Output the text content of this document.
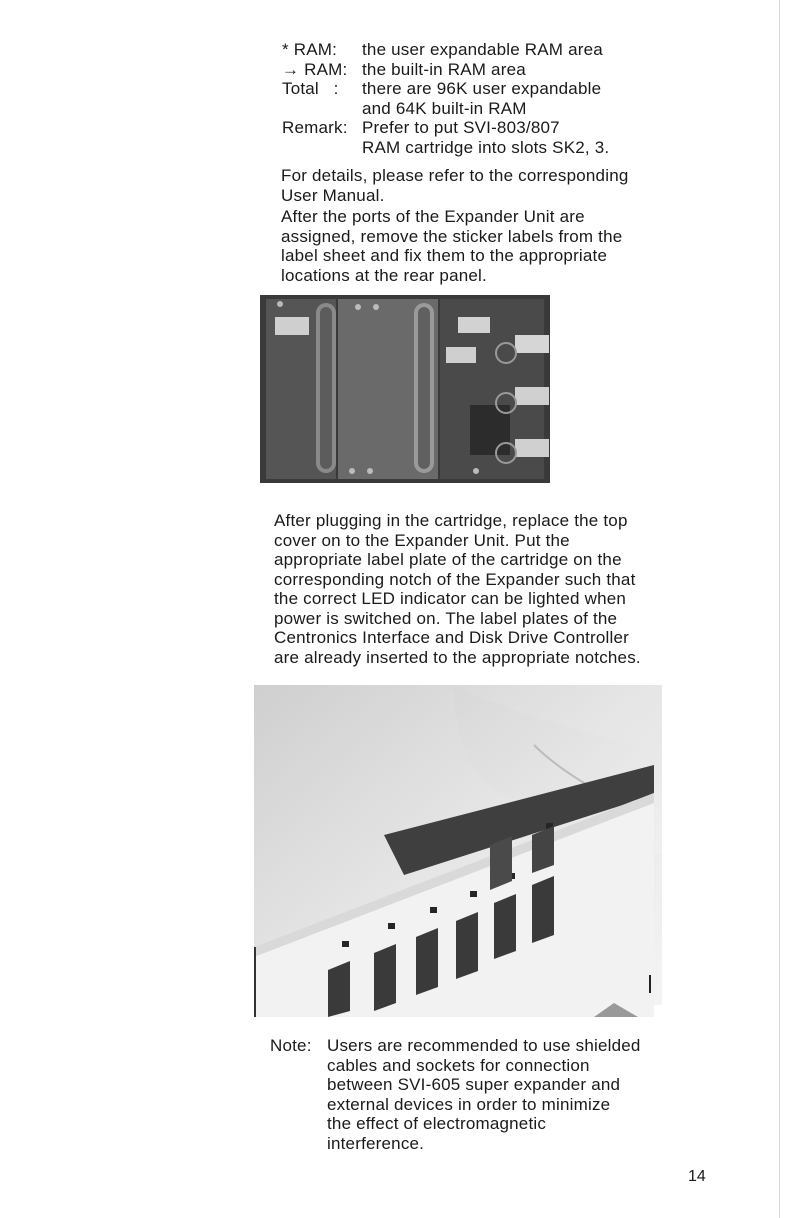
* RAM: the user expandable RAM area
→ RAM: the built-in RAM area
Total   : there are 96K user expandable
and 64K built-in RAM
Remark: Prefer to put SVI-803/807
RAM cartridge into slots SK2, 3.
For details, please refer to the corresponding
User Manual.
After the ports of the Expander Unit are
assigned, remove the sticker labels from the
label sheet and fix them to the appropriate
locations at the rear panel.
After plugging in the cartridge, replace the top
cover on to the Expander Unit. Put the
appropriate label plate of the cartridge on the
corresponding notch of the Expander such that
the correct LED indicator can be lighted when
power is switched on. The label plates of the
Centronics Interface and Disk Drive Controller
are already inserted to the appropriate notches.
Note: Users are recommended to use shielded
cables and sockets for connection
between SVI-605 super expander and
external devices in order to minimize
the effect of electromagnetic
interference.
14
